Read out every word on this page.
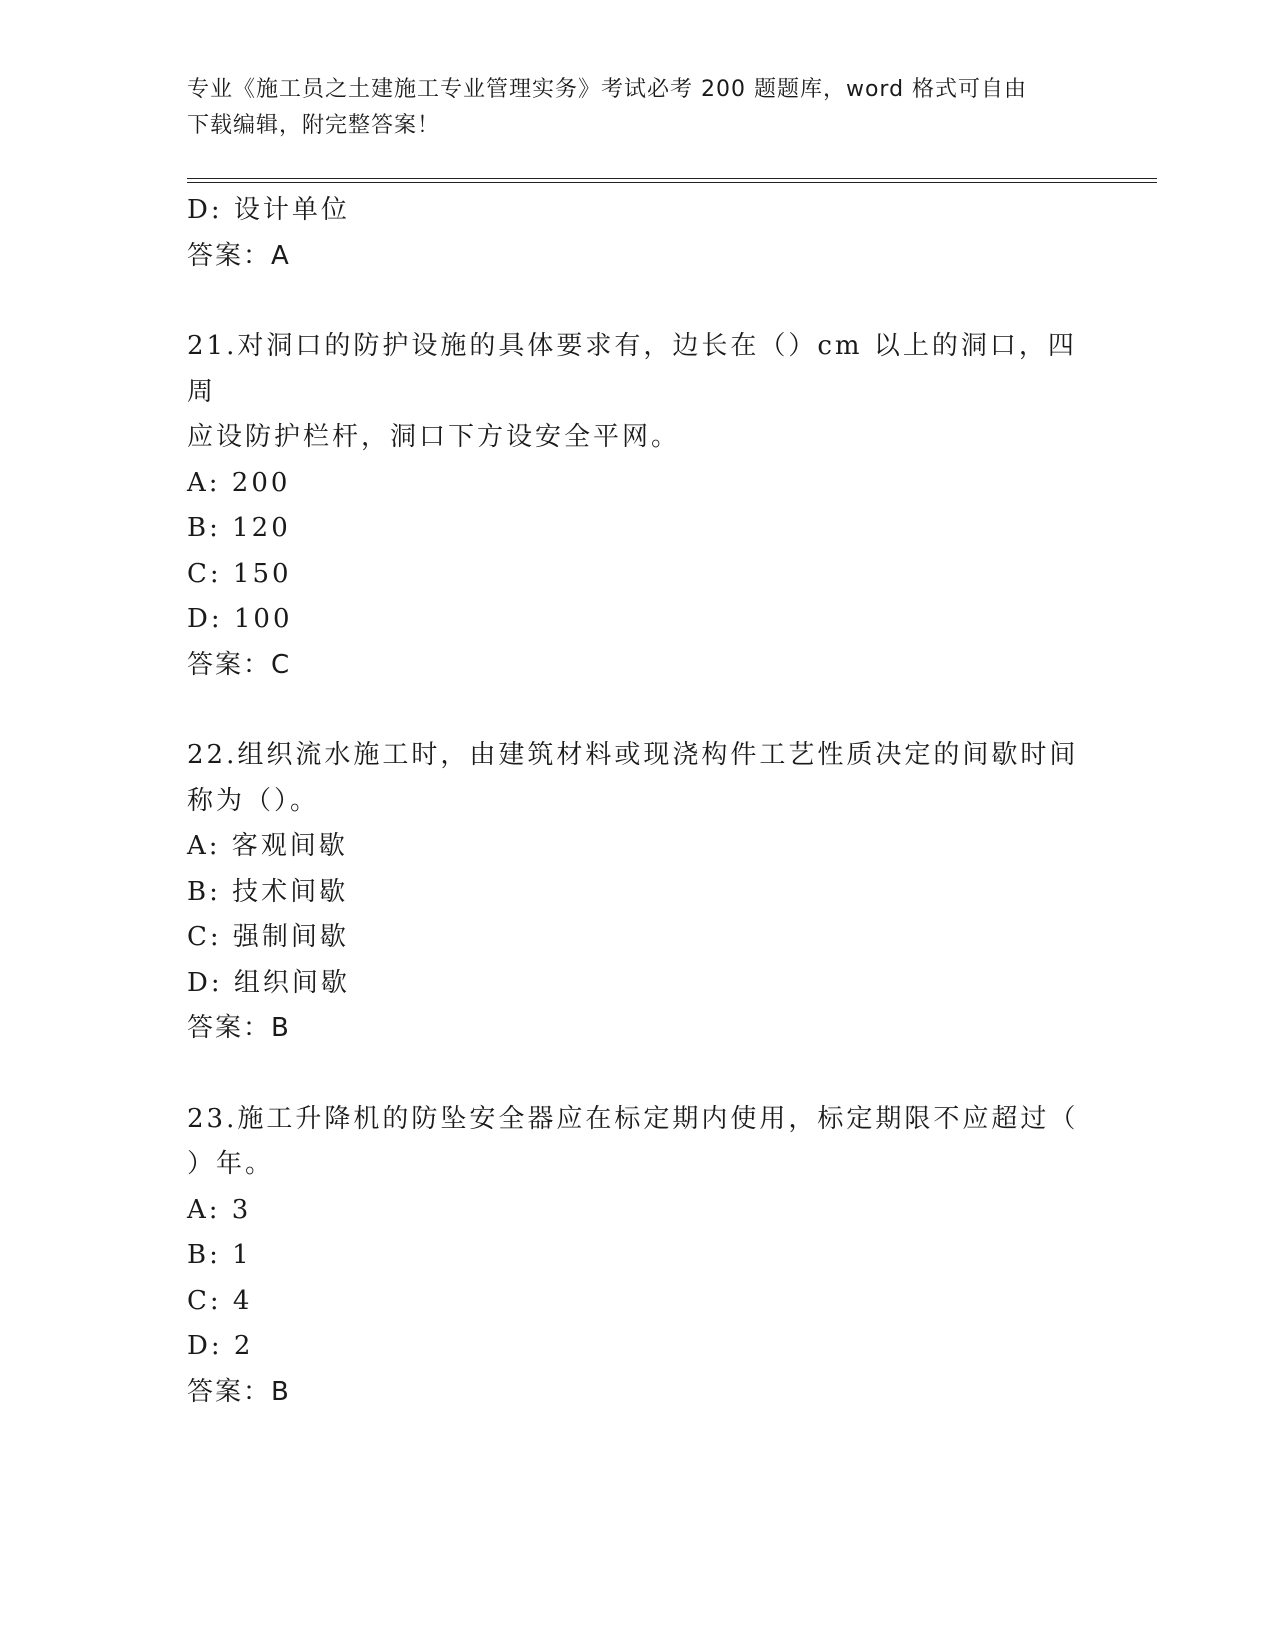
专业《施工员之土建施工专业管理实务》考试必考 200 题题库，word 格式可自由
下载编辑，附完整答案！
D: 设计单位
答案：A
21.对洞口的防护设施的具体要求有，边长在（）cm 以上的洞口，四周
应设防护栏杆，洞口下方设安全平网。
A: 200
B: 120
C: 150
D: 100
答案：C
22.组织流水施工时，由建筑材料或现浇构件工艺性质决定的间歇时间
称为（）。
A: 客观间歇
B: 技术间歇
C: 强制间歇
D: 组织间歇
答案：B
23.施工升降机的防坠安全器应在标定期内使用，标定期限不应超过（
）年。
A: 3
B: 1
C: 4
D: 2
答案：B
